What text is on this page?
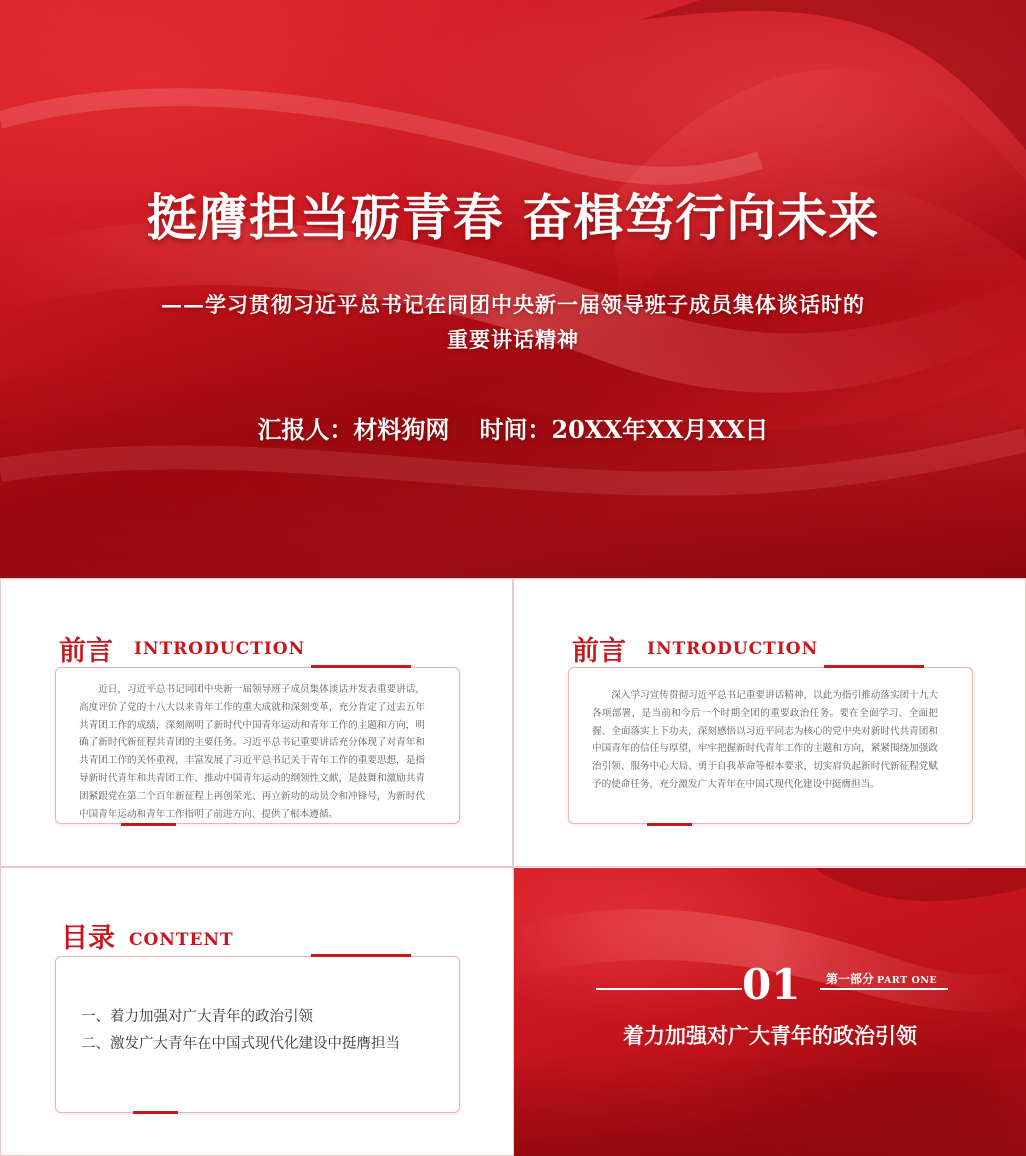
挺膺担当砺青春 奋楫笃行向未来
——学习贯彻习近平总书记在同团中央新一届领导班子成员集体谈话时的
重要讲话精神
汇报人：材料狗网 时间：20XX年XX月XX日
前言 INTRODUCTION
近日，习近平总书记同团中央新一届领导班子成员集体谈话并发表重要讲话，高度评价了党的十八大以来青年工作的重大成就和深刻变革，充分肯定了过去五年共青团工作的成绩，深刻阐明了新时代中国青年运动和青年工作的主题和方向，明确了新时代新征程共青团的主要任务。习近平总书记重要讲话充分体现了对青年和共青团工作的关怀重视，丰富发展了习近平总书记关于青年工作的重要思想，是指导新时代青年和共青团工作、推动中国青年运动的纲领性文献，是鼓舞和激励共青团紧跟党在第二个百年新征程上再创荣光、再立新功的动员令和冲锋号，为新时代中国青年运动和青年工作指明了前进方向、提供了根本遵循。
前言 INTRODUCTION
深入学习宣传贯彻习近平总书记重要讲话精神，以此为指引推动落实团十九大各项部署，是当前和今后一个时期全团的重要政治任务。要在全面学习、全面把握、全面落实上下功夫，深刻感悟以习近平同志为核心的党中央对新时代共青团和中国青年的信任与厚望，牢牢把握新时代青年工作的主题和方向，紧紧围绕加强政治引领、服务中心大局、勇于自我革命等根本要求，切实肩负起新时代新征程党赋予的使命任务，充分激发广大青年在中国式现代化建设中挺膺担当。
目录 CONTENT
一、着力加强对广大青年的政治引领
二、激发广大青年在中国式现代化建设中挺膺担当
01 第一部分 PART ONE
着力加强对广大青年的政治引领
